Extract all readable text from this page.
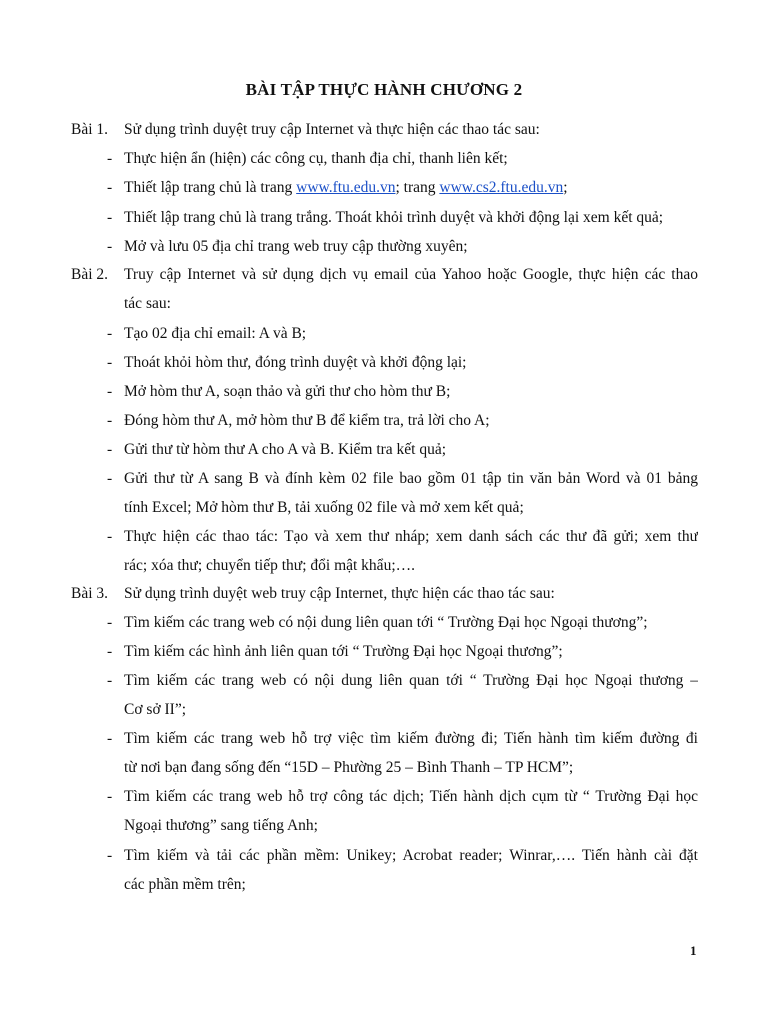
BÀI TẬP THỰC HÀNH CHƯƠNG 2
Bài 1. Sử dụng trình duyệt truy cập Internet và thực hiện các thao tác sau:
- Thực hiện ẩn (hiện) các công cụ, thanh địa chỉ, thanh liên kết;
- Thiết lập trang chủ là trang www.ftu.edu.vn; trang www.cs2.ftu.edu.vn;
- Thiết lập trang chủ là trang trắng. Thoát khỏi trình duyệt và khởi động lại xem kết quả;
- Mở và lưu 05 địa chỉ trang web truy cập thường xuyên;
Bài 2. Truy cập Internet và sử dụng dịch vụ email của Yahoo hoặc Google, thực hiện các thao
tác sau:
- Tạo 02 địa chỉ email: A và B;
- Thoát khỏi hòm thư, đóng trình duyệt và khởi động lại;
- Mở hòm thư A, soạn thảo và gửi thư cho hòm thư B;
- Đóng hòm thư A, mở hòm thư B để kiểm tra, trả lời cho A;
- Gửi thư từ hòm thư A cho A và B. Kiểm tra kết quả;
- Gửi thư từ A sang B và đính kèm 02 file bao gồm 01 tập tin văn bản Word và 01 bảng
tính Excel; Mở hòm thư B, tải xuống 02 file và mở xem kết quả;
- Thực hiện các thao tác: Tạo và xem thư nháp; xem danh sách các thư đã gửi; xem thư
rác; xóa thư; chuyển tiếp thư; đổi mật khẩu;….
Bài 3. Sử dụng trình duyệt web truy cập Internet, thực hiện các thao tác sau:
- Tìm kiếm các trang web có nội dung liên quan tới “ Trường Đại học Ngoại thương”;
- Tìm kiếm các hình ảnh liên quan tới “ Trường Đại học Ngoại thương”;
- Tìm kiếm các trang web có nội dung liên quan tới “ Trường Đại học Ngoại thương –
Cơ sở II”;
- Tìm kiếm các trang web hỗ trợ việc tìm kiếm đường đi; Tiến hành tìm kiếm đường đi
từ nơi bạn đang sống đến “15D – Phường 25 – Bình Thanh – TP HCM”;
- Tìm kiếm các trang web hỗ trợ công tác dịch; Tiến hành dịch cụm từ “ Trường Đại học
Ngoại thương” sang tiếng Anh;
- Tìm kiếm và tải các phần mềm: Unikey; Acrobat reader; Winrar,…. Tiến hành cài đặt
các phần mềm trên;
1
